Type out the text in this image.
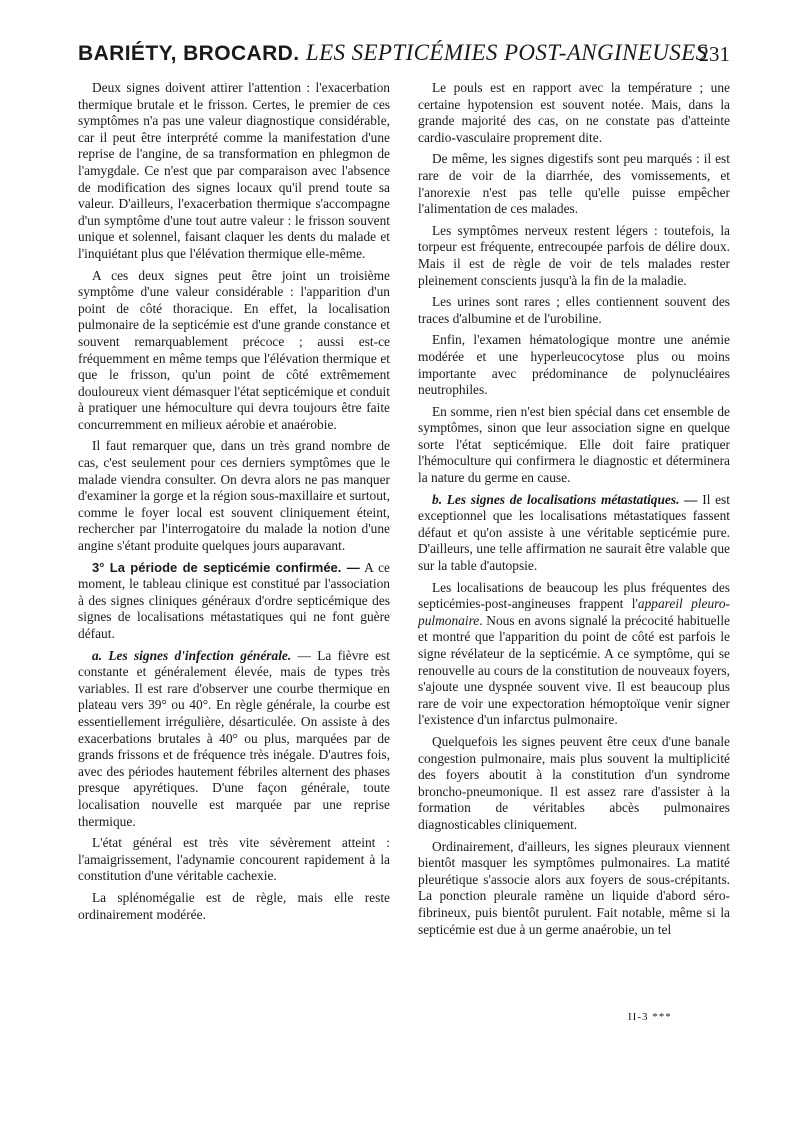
BARIÉTY, BROCARD. LES SEPTICÉMIES POST-ANGINEUSES
231

Deux signes doivent attirer l'attention : l'exacerbation thermique brutale et le frisson. Certes, le premier de ces symptômes n'a pas une valeur diagnostique considérable, car il peut être interprété comme la manifestation d'une reprise de l'angine, de sa transformation en phlegmon de l'amygdale. Ce n'est que par comparaison avec l'absence de modification des signes locaux qu'il prend toute sa valeur. D'ailleurs, l'exacerbation thermique s'accompagne d'un symptôme d'une tout autre valeur : le frisson souvent unique et solennel, faisant claquer les dents du malade et l'inquiétant plus que l'élévation thermique elle-même.

A ces deux signes peut être joint un troisième symptôme d'une valeur considérable : l'apparition d'un point de côté thoracique. En effet, la localisation pulmonaire de la septicémie est d'une grande constance et souvent remarquablement précoce ; aussi est-ce fréquemment en même temps que l'élévation thermique et que le frisson, qu'un point de côté extrêmement douloureux vient démasquer l'état septicémique et conduit à pratiquer une hémoculture qui devra toujours être faite concurremment en milieux aérobie et anaérobie.

Il faut remarquer que, dans un très grand nombre de cas, c'est seulement pour ces derniers symptômes que le malade viendra consulter. On devra alors ne pas manquer d'examiner la gorge et la région sous-maxillaire et surtout, comme le foyer local est souvent cliniquement éteint, rechercher par l'interrogatoire du malade la notion d'une angine s'étant produite quelques jours auparavant.

3° La période de septicémie confirmée. — A ce moment, le tableau clinique est constitué par l'association à des signes cliniques généraux d'ordre septicémique des signes de localisations métastatiques qui ne font guère défaut.

a. Les signes d'infection générale. — La fièvre est constante et généralement élevée, mais de types très variables. Il est rare d'observer une courbe thermique en plateau vers 39° ou 40°. En règle générale, la courbe est essentiellement irrégulière, désarticulée. On assiste à des exacerbations brutales à 40° ou plus, marquées par de grands frissons et de fréquence très inégale. D'autres fois, avec des périodes hautement fébriles alternent des phases presque apyrétiques. D'une façon générale, toute localisation nouvelle est marquée par une reprise thermique.

L'état général est très vite sévèrement atteint : l'amaigrissement, l'adynamie concourent rapidement à la constitution d'une véritable cachexie.

La splénomégalie est de règle, mais elle reste ordinairement modérée.

Le pouls est en rapport avec la température ; une certaine hypotension est souvent notée. Mais, dans la grande majorité des cas, on ne constate pas d'atteinte cardio-vasculaire proprement dite.

De même, les signes digestifs sont peu marqués : il est rare de voir de la diarrhée, des vomissements, et l'anorexie n'est pas telle qu'elle puisse empêcher l'alimentation de ces malades.

Les symptômes nerveux restent légers : toutefois, la torpeur est fréquente, entrecoupée parfois de délire doux. Mais il est de règle de voir de tels malades rester pleinement conscients jusqu'à la fin de la maladie.

Les urines sont rares ; elles contiennent souvent des traces d'albumine et de l'urobiline.

Enfin, l'examen hématologique montre une anémie modérée et une hyperleucocytose plus ou moins importante avec prédominance de polynucléaires neutrophiles.

En somme, rien n'est bien spécial dans cet ensemble de symptômes, sinon que leur association signe en quelque sorte l'état septicémique. Elle doit faire pratiquer l'hémoculture qui confirmera le diagnostic et déterminera la nature du germe en cause.

b. Les signes de localisations métastatiques. — Il est exceptionnel que les localisations métastatiques fassent défaut et qu'on assiste à une véritable septicémie pure. D'ailleurs, une telle affirmation ne saurait être valable que sur la table d'autopsie.

Les localisations de beaucoup les plus fréquentes des septicémies-post-angineuses frappent l'appareil pleuro-pulmonaire. Nous en avons signalé la précocité habituelle et montré que l'apparition du point de côté est parfois le signe révélateur de la septicémie. A ce symptôme, qui se renouvelle au cours de la constitution de nouveaux foyers, s'ajoute une dyspnée souvent vive. Il est beaucoup plus rare de voir une expectoration hémoptoïque venir signer l'existence d'un infarctus pulmonaire.

Quelquefois les signes peuvent être ceux d'une banale congestion pulmonaire, mais plus souvent la multiplicité des foyers aboutit à la constitution d'un syndrome broncho-pneumonique. Il est assez rare d'assister à la formation de véritables abcès pulmonaires diagnosticables cliniquement.

Ordinairement, d'ailleurs, les signes pleuraux viennent bientôt masquer les symptômes pulmonaires. La matité pleurétique s'associe alors aux foyers de sous-crépitants. La ponction pleurale ramène un liquide d'abord séro-fibrineux, puis bientôt purulent. Fait notable, même si la septicémie est due à un germe anaérobie, un tel

II-3 ***
